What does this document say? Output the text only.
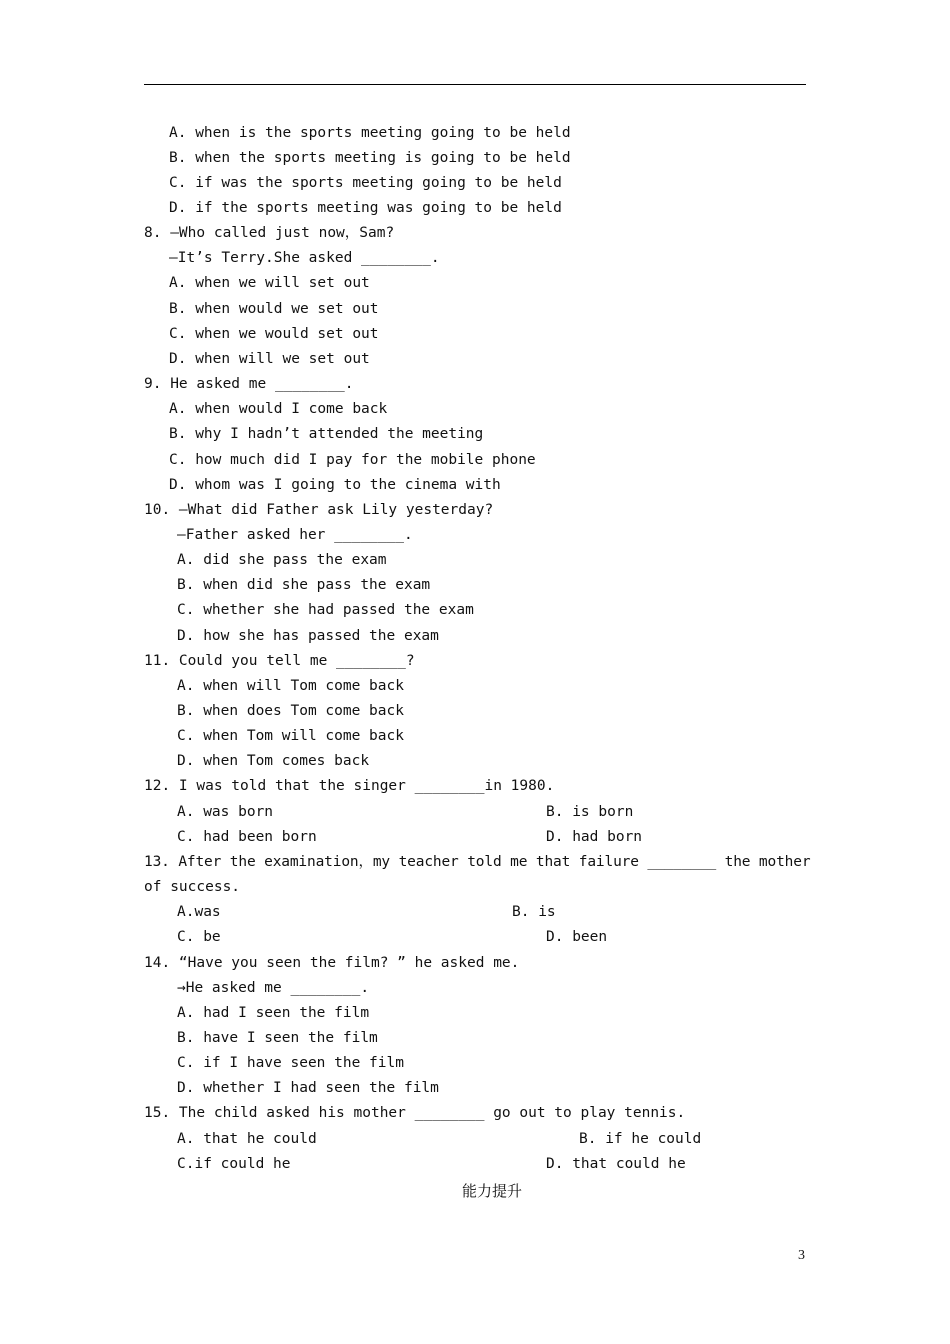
A. when is the sports meeting going to be held
B. when the sports meeting is going to be held
C. if was the sports meeting going to be held
D. if the sports meeting was going to be held
8. —Who called just now，Sam?
—It’s Terry.She asked ________.
A. when we will set out
B. when would we set out
C. when we would set out
D. when will we set out
9. He asked me ________.
A. when would I come back
B. why I hadn’t attended the meeting
C. how much did I pay for the mobile phone
D. whom was I going to the cinema with
10. —What did Father ask Lily yesterday?
—Father asked her ________.
A. did she pass the exam
B. when did she pass the exam
C. whether she had passed the exam
D. how she has passed the exam
11. Could you tell me ________?
A. when will Tom come back
B. when does Tom come back
C. when Tom will come back
D. when Tom comes back
12. I was told that the singer ________in 1980.
A. was born	B. is born
C. had been born	D. had born
13. After the examination，my teacher told me that failure ________ the mother
of success.
A.was	B. is
C. be	D. been
14. “Have you seen the film? ” he asked me.
→He asked me ________.
A. had I seen the film
B. have I seen the film
C. if I have seen the film
D. whether I had seen the film
15. The child asked his mother ________ go out to play tennis.
A. that he could	B. if he could
C.if could he	D. that could he
能力提升
3
